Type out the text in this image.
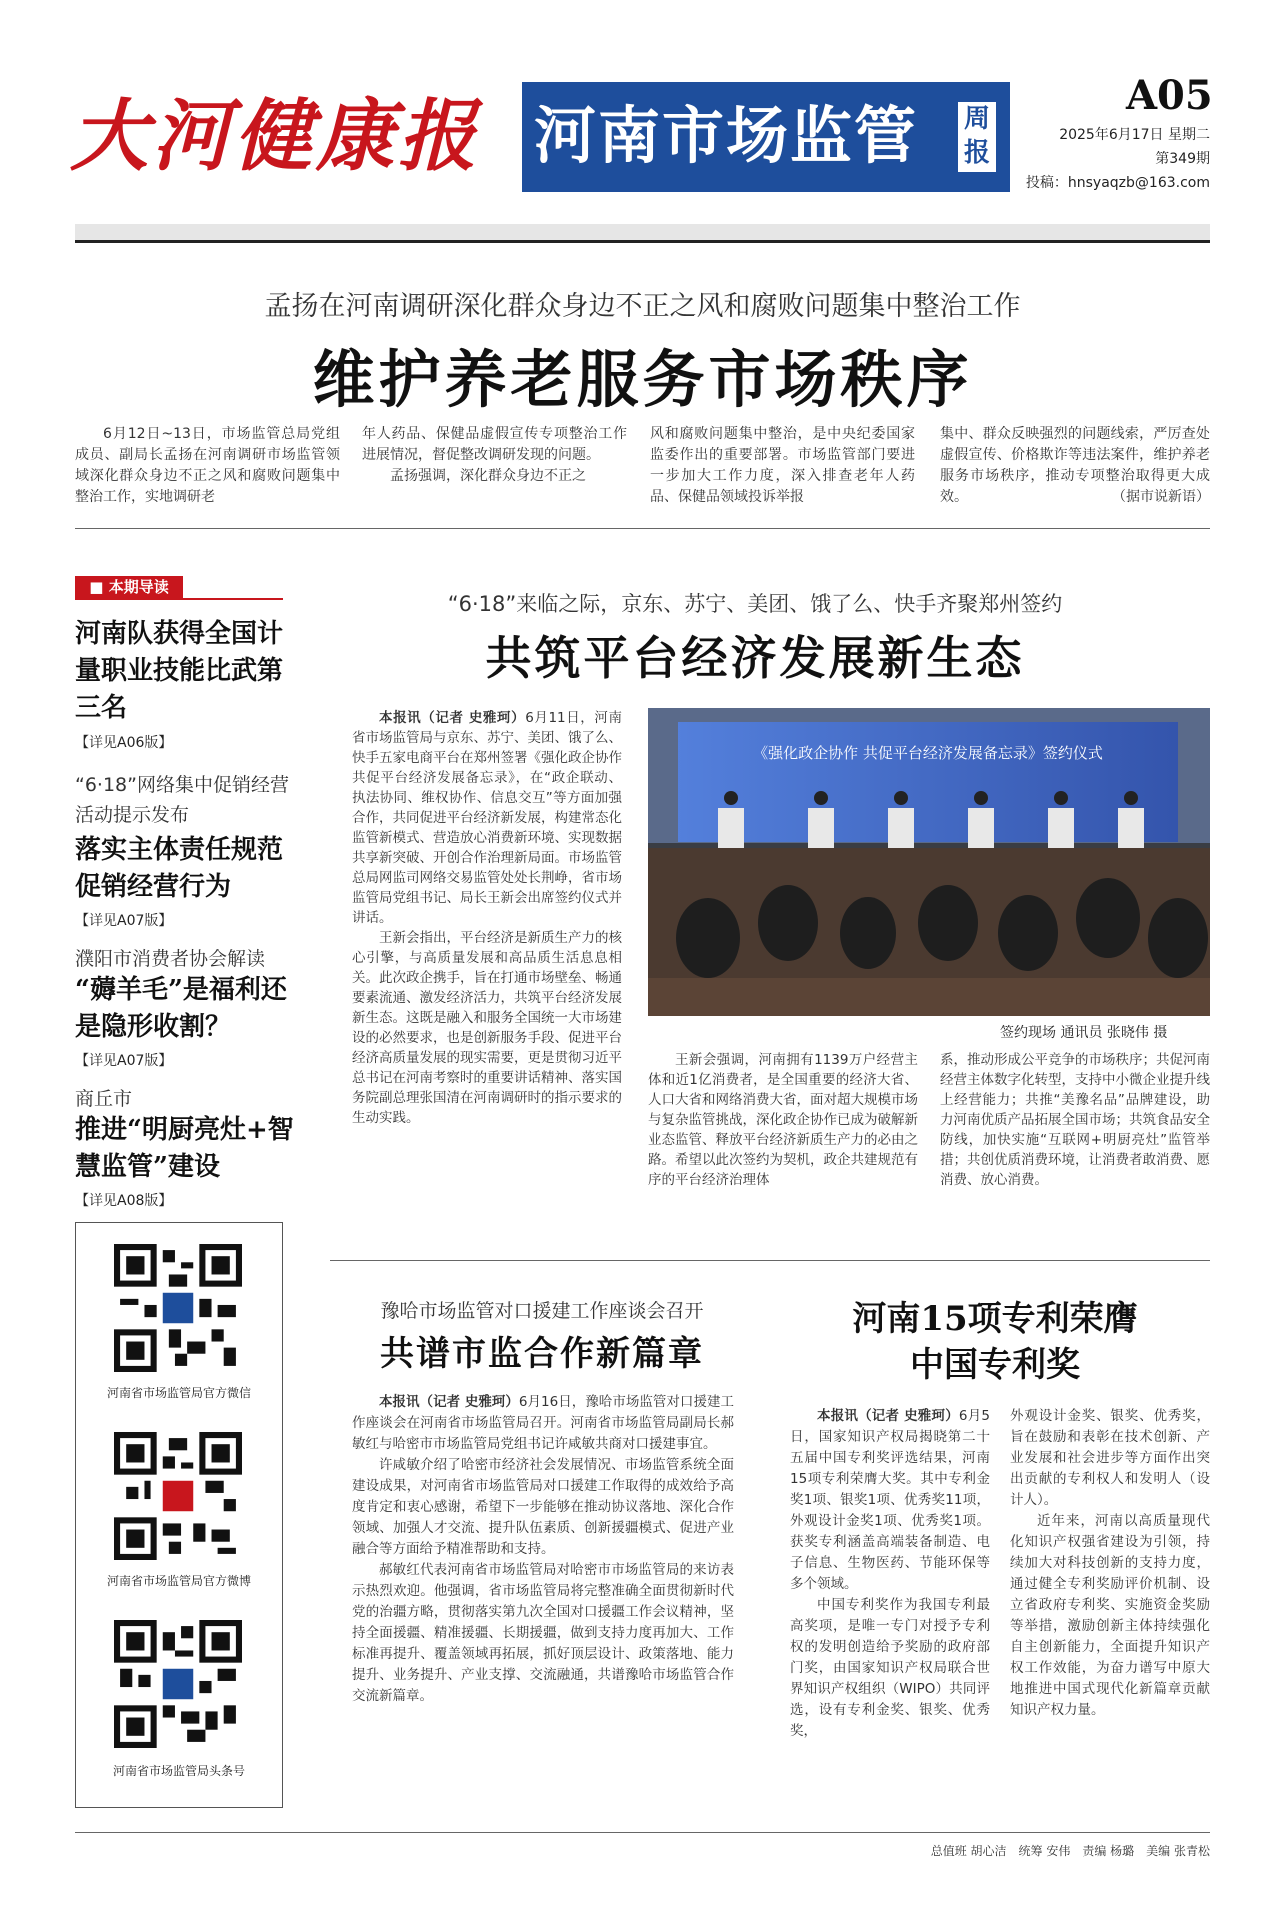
大河健康报 河南市场监管 周报
A05
2025年6月17日 星期二
第349期
投稿：hnsyaqzb@163.com
孟扬在河南调研深化群众身边不正之风和腐败问题集中整治工作
维护养老服务市场秩序

6月12日~13日，市场监管总局党组成员、副局长孟扬在河南调研市场监管领域深化群众身边不正之风和腐败问题集中整治工作，实地调研老

年人药品、保健品虚假宣传专项整治工作进展情况，督促整改调研发现的问题。

孟扬强调，深化群众身边不正之

风和腐败问题集中整治，是中央纪委国家监委作出的重要部署。市场监管部门要进一步加大工作力度，深入排查老年人药品、保健品领域投诉举报

集中、群众反映强烈的问题线索，严厉查处虚假宣传、价格欺诈等违法案件，维护养老服务市场秩序，推动专项整治取得更大成效。	（据市说新语）

■ 本期导读
河南队获得全国计量职业技能比武第三名
【详见A06版】
“6·18”网络集中促销经营活动提示发布
落实主体责任规范促销经营行为
【详见A07版】
濮阳市消费者协会解读
“薅羊毛”是福利还是隐形收割？
【详见A07版】
商丘市
推进“明厨亮灶+智慧监管”建设
【详见A08版】
河南省市场监管局官方微信
河南省市场监管局官方微博
河南省市场监管局头条号
“6·18”来临之际，京东、苏宁、美团、饿了么、快手齐聚郑州签约
共筑平台经济发展新生态

本报讯（记者 史雅珂）6月11日，河南省市场监管局与京东、苏宁、美团、饿了么、快手五家电商平台在郑州签署《强化政企协作 共促平台经济发展备忘录》，在“政企联动、执法协同、维权协作、信息交互”等方面加强合作，共同促进平台经济新发展，构建常态化监管新模式、营造放心消费新环境、实现数据共享新突破、开创合作治理新局面。市场监管总局网监司网络交易监管处处长荆峥，省市场监管局党组书记、局长王新会出席签约仪式并讲话。

王新会指出，平台经济是新质生产力的核心引擎，与高质量发展和高品质生活息息相关。此次政企携手，旨在打通市场壁垒、畅通要素流通、激发经济活力，共筑平台经济发展新生态。这既是融入和服务全国统一大市场建设的必然要求，也是创新服务手段、促进平台经济高质量发展的现实需要，更是贯彻习近平总书记在河南考察时的重要讲话精神、落实国务院副总理张国清在河南调研时的指示要求的生动实践。

《强化政企协作 共促平台经济发展备忘录》签约仪式
签约现场 通讯员 张晓伟 摄

王新会强调，河南拥有1139万户经营主体和近1亿消费者，是全国重要的经济大省、人口大省和网络消费大省，面对超大规模市场与复杂监管挑战，深化政企协作已成为破解新业态监管、释放平台经济新质生产力的必由之路。希望以此次签约为契机，政企共建规范有序的平台经济治理体

系，推动形成公平竞争的市场秩序；共促河南经营主体数字化转型，支持中小微企业提升线上经营能力；共推“美豫名品”品牌建设，助力河南优质产品拓展全国市场；共筑食品安全防线，加快实施“互联网+明厨亮灶”监管举措；共创优质消费环境，让消费者敢消费、愿消费、放心消费。

豫哈市场监管对口援建工作座谈会召开
共谱市监合作新篇章

本报讯（记者 史雅珂）6月16日，豫哈市场监管对口援建工作座谈会在河南省市场监管局召开。河南省市场监管局副局长郝敏红与哈密市市场监管局党组书记许咸敏共商对口援建事宜。

许咸敏介绍了哈密市经济社会发展情况、市场监管系统全面建设成果，对河南省市场监管局对口援建工作取得的成效给予高度肯定和衷心感谢，希望下一步能够在推动协议落地、深化合作领域、加强人才交流、提升队伍素质、创新援疆模式、促进产业融合等方面给予精准帮助和支持。

郝敏红代表河南省市场监管局对哈密市市场监管局的来访表示热烈欢迎。他强调，省市场监管局将完整准确全面贯彻新时代党的治疆方略，贯彻落实第九次全国对口援疆工作会议精神，坚持全面援疆、精准援疆、长期援疆，做到支持力度再加大、工作标准再提升、覆盖领域再拓展，抓好顶层设计、政策落地、能力提升、业务提升、产业支撑、交流融通，共谱豫哈市场监管合作交流新篇章。

河南15项专利荣膺
中国专利奖

本报讯（记者 史雅珂）6月5日，国家知识产权局揭晓第二十五届中国专利奖评选结果，河南15项专利荣膺大奖。其中专利金奖1项、银奖1项、优秀奖11项，外观设计金奖1项、优秀奖1项。获奖专利涵盖高端装备制造、电子信息、生物医药、节能环保等多个领域。

中国专利奖作为我国专利最高奖项，是唯一专门对授予专利权的发明创造给予奖励的政府部门奖，由国家知识产权局联合世界知识产权组织（WIPO）共同评选，设有专利金奖、银奖、优秀奖，

外观设计金奖、银奖、优秀奖，旨在鼓励和表彰在技术创新、产业发展和社会进步等方面作出突出贡献的专利权人和发明人（设计人）。

近年来，河南以高质量现代化知识产权强省建设为引领，持续加大对科技创新的支持力度，通过健全专利奖励评价机制、设立省政府专利奖、实施资金奖励等举措，激励创新主体持续强化自主创新能力，全面提升知识产权工作效能，为奋力谱写中原大地推进中国式现代化新篇章贡献知识产权力量。

总值班 胡心洁　统筹 安伟　责编 杨璐　美编 张青松
